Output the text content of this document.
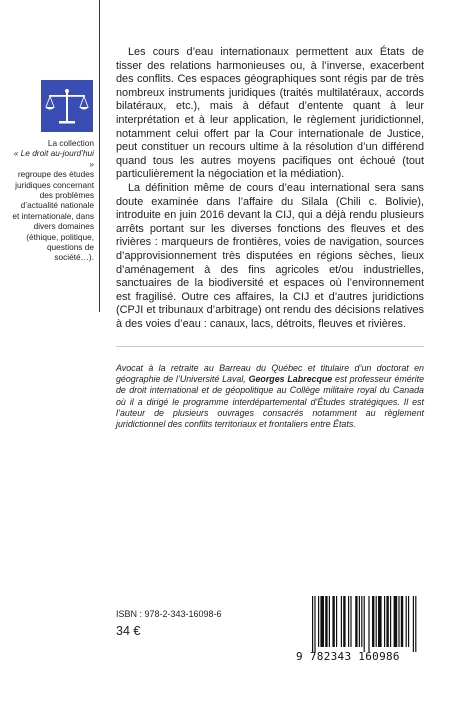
La collection
« Le droit au-jourd’hui »
regroupe des études juridiques concernant des problèmes d’actualité nationale et internationale, dans divers domaines (éthique, politique, questions de société…).

Les cours d’eau internationaux permettent aux États de tisser des relations harmonieuses ou, à l’inverse, exacerbent des conflits. Ces espaces géographiques sont régis par de très nombreux instruments juridiques (traités multilatéraux, accords bilatéraux, etc.), mais à défaut d’entente quant à leur interprétation et à leur application, le règlement juridictionnel, notamment celui offert par la Cour internationale de Justice, peut constituer un recours ultime à la résolution d’un différend quand tous les autres moyens pacifiques ont échoué (tout particulièrement la négociation et la médiation).

La définition même de cours d’eau international sera sans doute examinée dans l’affaire du Silala (Chili c. Bolivie), introduite en juin 2016 devant la CIJ, qui a déjà rendu plusieurs arrêts portant sur les diverses fonctions des fleuves et des rivières : marqueurs de frontières, voies de navigation, sources d’approvisionnement très disputées en régions sèches, lieux d’aménagement à des fins agricoles et/ou industrielles, sanctuaires de la biodiversité et espaces où l’environnement est fragilisé. Outre ces affaires, la CIJ et d’autres juridictions (CPJI et tribunaux d’arbitrage) ont rendu des décisions relatives à des voies d’eau : canaux, lacs, détroits, fleuves et rivières.

Avocat à la retraite au Barreau du Québec et titulaire d’un doctorat en géographie de l’Université Laval, Georges Labrecque est professeur émérite de droit international et de géopolitique au Collège militaire royal du Canada où il a dirigé le programme interdépartemental d’Études stratégiques. Il est l’auteur de plusieurs ouvrages consacrés notamment au règlement juridictionnel des conflits territoriaux et frontaliers entre États.
ISBN : 978-2-343-16098-6
34 €
9 782343 160986
